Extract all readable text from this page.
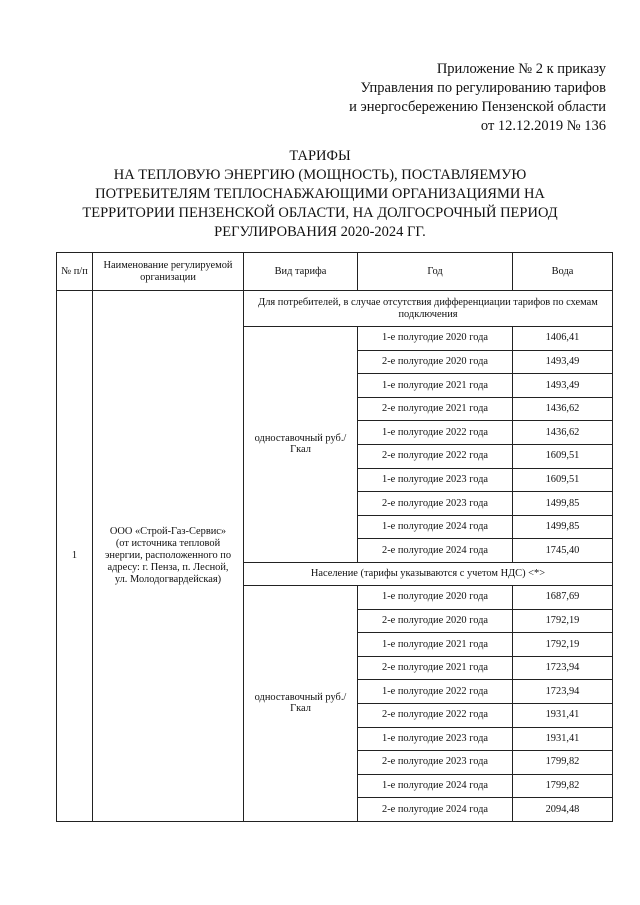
Приложение № 2 к приказу
Управления по регулированию тарифов
и энергосбережению Пензенской области
от 12.12.2019 № 136
ТАРИФЫ
НА ТЕПЛОВУЮ ЭНЕРГИЮ (МОЩНОСТЬ), ПОСТАВЛЯЕМУЮ
ПОТРЕБИТЕЛЯМ ТЕПЛОСНАБЖАЮЩИМИ ОРГАНИЗАЦИЯМИ НА
ТЕРРИТОРИИ ПЕНЗЕНСКОЙ ОБЛАСТИ, НА ДОЛГОСРОЧНЫЙ ПЕРИОД
РЕГУЛИРОВАНИЯ 2020-2024 ГГ.
№ п/п	Наименование регулируемой организации	Вид тарифа	Год	Вода
1	ООО «Строй-Газ-Сервис» (от источника тепловой энергии, расположенного по адресу: г. Пенза, п. Лесной, ул. Молодогвардейская)	Для потребителей, в случае отсутствия дифференциации тарифов по схемам подключения		
		одноставочный руб./Гкал	1-е полугодие 2020 года	1406,41
			2-е полугодие 2020 года	1493,49
			1-е полугодие 2021 года	1493,49
			2-е полугодие 2021 года	1436,62
			1-е полугодие 2022 года	1436,62
			2-е полугодие 2022 года	1609,51
			1-е полугодие 2023 года	1609,51
			2-е полугодие 2023 года	1499,85
			1-е полугодие 2024 года	1499,85
			2-е полугодие 2024 года	1745,40
		Население (тарифы указываются с учетом НДС) <*>		
		одноставочный руб./Гкал	1-е полугодие 2020 года	1687,69
			2-е полугодие 2020 года	1792,19
			1-е полугодие 2021 года	1792,19
			2-е полугодие 2021 года	1723,94
			1-е полугодие 2022 года	1723,94
			2-е полугодие 2022 года	1931,41
			1-е полугодие 2023 года	1931,41
			2-е полугодие 2023 года	1799,82
			1-е полугодие 2024 года	1799,82
			2-е полугодие 2024 года	2094,48
